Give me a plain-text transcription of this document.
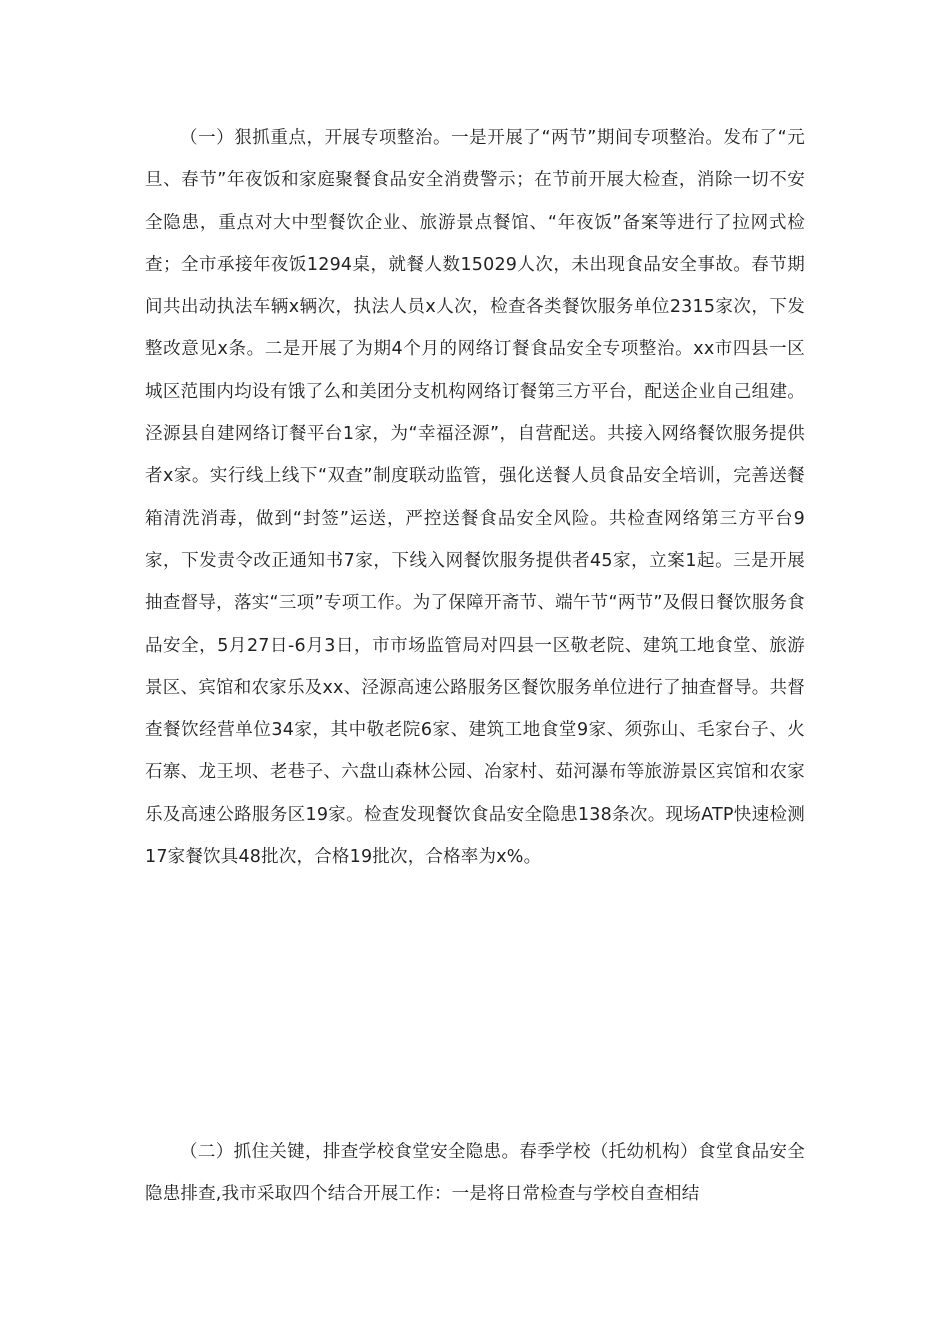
（一）狠抓重点，开展专项整治。一是开展了“两节”期间专项整治。发布了“元旦、春节”年夜饭和家庭聚餐食品安全消费警示；在节前开展大检查，消除一切不安全隐患，重点对大中型餐饮企业、旅游景点餐馆、“年夜饭”备案等进行了拉网式检查；全市承接年夜饭1294桌，就餐人数15029人次，未出现食品安全事故。春节期间共出动执法车辆x辆次，执法人员x人次，检查各类餐饮服务单位2315家次，下发整改意见x条。二是开展了为期4个月的网络订餐食品安全专项整治。xx市四县一区城区范围内均设有饿了么和美团分支机构网络订餐第三方平台，配送企业自己组建。泾源县自建网络订餐平台1家，为“幸福泾源”，自营配送。共接入网络餐饮服务提供者x家。实行线上线下“双查”制度联动监管，强化送餐人员食品安全培训，完善送餐箱清洗消毒，做到“封签”运送，严控送餐食品安全风险。共检查网络第三方平台9家，下发责令改正通知书7家，下线入网餐饮服务提供者45家，立案1起。三是开展抽查督导，落实“三项”专项工作。为了保障开斋节、端午节“两节”及假日餐饮服务食品安全，5月27日-6月3日，市市场监管局对四县一区敬老院、建筑工地食堂、旅游景区、宾馆和农家乐及xx、泾源高速公路服务区餐饮服务单位进行了抽查督导。共督查餐饮经营单位34家，其中敬老院6家、建筑工地食堂9家、须弥山、毛家台子、火石寨、龙王坝、老巷子、六盘山森林公园、冶家村、茹河瀑布等旅游景区宾馆和农家乐及高速公路服务区19家。检查发现餐饮食品安全隐患138条次。现场ATP快速检测17家餐饮具48批次，合格19批次，合格率为x%。

（二）抓住关键，排查学校食堂安全隐患。春季学校（托幼机构）食堂食品安全隐患排查,我市采取四个结合开展工作：一是将日常检查与学校自查相结
